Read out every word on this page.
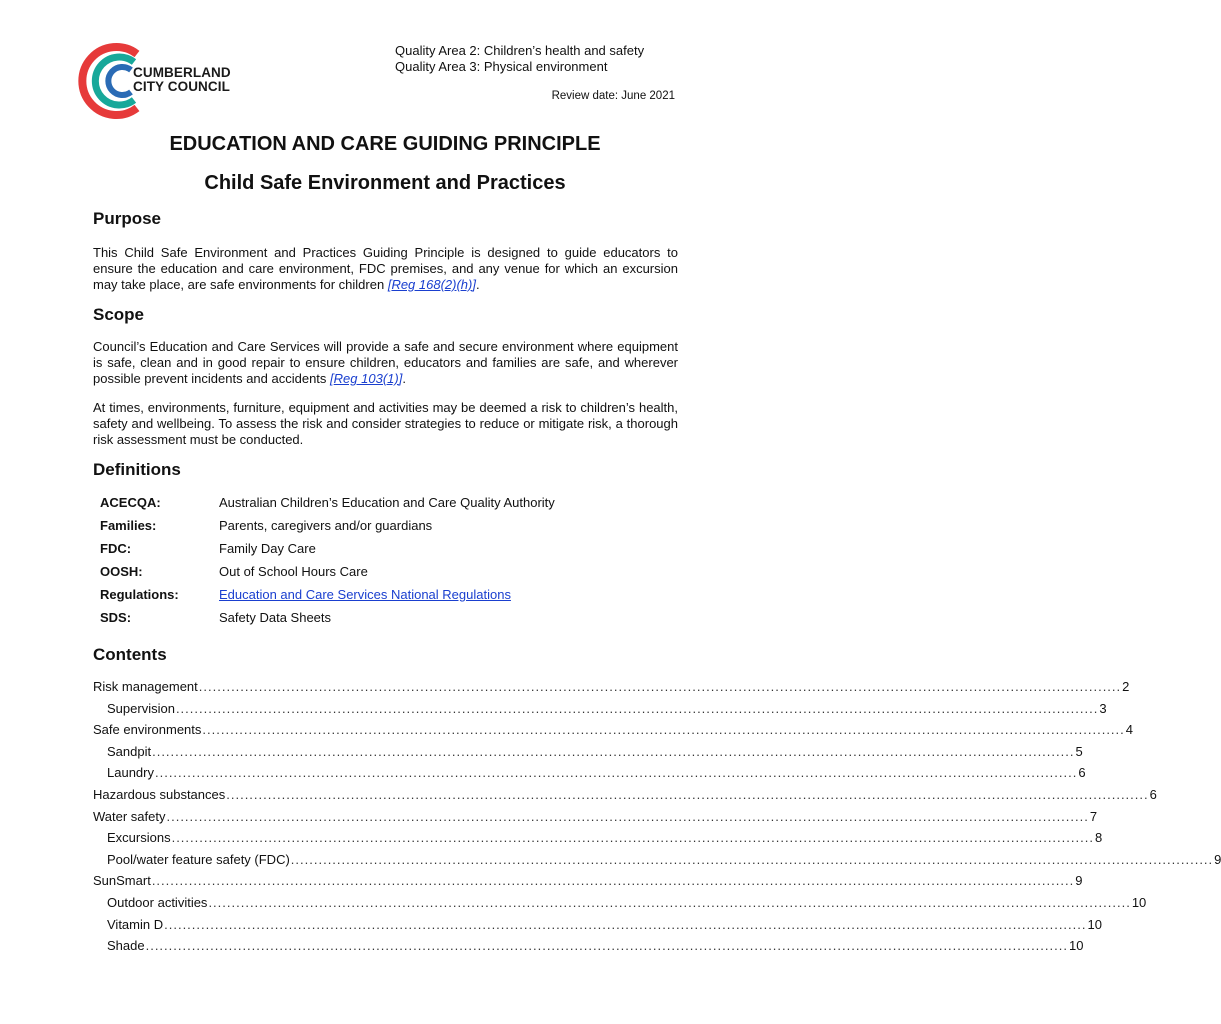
CUMBERLAND
CITY COUNCIL
Quality Area 2: Children’s health and safety
Quality Area 3: Physical environment
Review date: June 2021
EDUCATION AND CARE GUIDING PRINCIPLE
Child Safe Environment and Practices
Purpose
This Child Safe Environment and Practices Guiding Principle is designed to guide educators to ensure the education and care environment, FDC premises, and any venue for which an excursion may take place, are safe environments for children [Reg 168(2)(h)].
Scope
Council’s Education and Care Services will provide a safe and secure environment where equipment is safe, clean and in good repair to ensure children, educators and families are safe, and wherever possible prevent incidents and accidents [Reg 103(1)].
At times, environments, furniture, equipment and activities may be deemed a risk to children’s health, safety and wellbeing. To assess the risk and consider strategies to reduce or mitigate risk, a thorough risk assessment must be conducted.
Definitions
ACECQA:	Australian Children’s Education and Care Quality Authority
Families:	Parents, caregivers and/or guardians
FDC:	Family Day Care
OOSH:	Out of School Hours Care
Regulations:	Education and Care Services National Regulations
SDS:	Safety Data Sheets
Contents
Risk management ........................................................................................................................................................................................................ 2
Supervision ........................................................................................................................................................................................................ 3
Safe environments ........................................................................................................................................................................................................ 4
Sandpit ........................................................................................................................................................................................................ 5
Laundry ........................................................................................................................................................................................................ 6
Hazardous substances ........................................................................................................................................................................................................ 6
Water safety ........................................................................................................................................................................................................ 7
Excursions ........................................................................................................................................................................................................ 8
Pool/water feature safety (FDC) ........................................................................................................................................................................................................ 9
SunSmart ........................................................................................................................................................................................................ 9
Outdoor activities ........................................................................................................................................................................................................ 10
Vitamin D ........................................................................................................................................................................................................ 10
Shade ........................................................................................................................................................................................................ 10
